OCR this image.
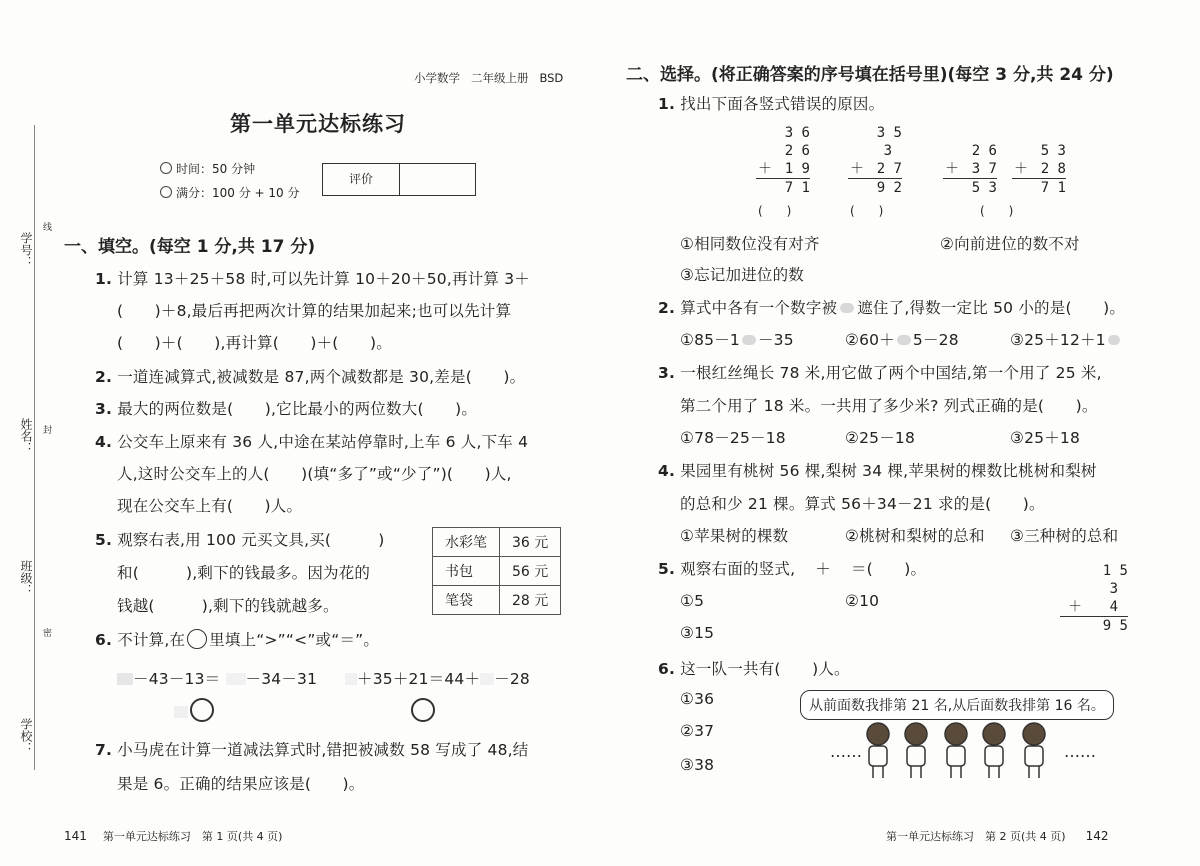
学号：
姓名：
班级：
学校：
线
封
密
小学数学 二年级上册 BSD
第一单元达标练习
时间：50 分钟
满分：100 分 + 10 分
评价
一、填空。(每空 1 分,共 17 分)
1. 计算 13＋25＋58 时,可以先计算 10＋20＋50,再计算 3＋
(　　)＋8,最后再把两次计算的结果加起来;也可以先计算
(　　)＋(　　),再计算(　　)＋(　　)。
2. 一道连减算式,被减数是 87,两个减数都是 30,差是(　　)。
3. 最大的两位数是(　　),它比最小的两位数大(　　)。
4. 公交车上原来有 36 人,中途在某站停靠时,上车 6 人,下车 4
人,这时公交车上的人(　　)(填“多了”或“少了”)(　　)人,
现在公交车上有(　　)人。
5. 观察右表,用 100 元买文具,买(　　　)
和(　　　),剩下的钱最多。因为花的
钱越(　　　),剩下的钱就越多。
水彩笔	36 元
书包	56 元
笔袋	28 元
6. 不计算,在 里填上“>”“<”或“＝”。
－43－13＝ －34－31	＋35＋21＝44＋ －28
7. 小马虎在计算一道减法算式时,错把被减数 58 写成了 48,结
果是 6。正确的结果应该是(　　)。
141 第一单元达标练习　第 1 页(共 4 页)
二、选择。(将正确答案的序号填在括号里)(每空 3 分,共 24 分)
1. 找出下面各竖式错误的原因。
3 6
2 6
＋ 1 9
7 1
3 5
3
＋ 2 7
9 2
2 6
＋ 3 7
5 3
5 3
＋ 2 8
7 1
(　　)	(　　)	(　　)
①相同数位没有对齐	②向前进位的数不对
③忘记加进位的数
2. 算式中各有一个数字被 遮住了,得数一定比 50 小的是(　　)。
①85－1 －35	②60＋ 5－28	③25＋12＋1
3. 一根红丝绳长 78 米,用它做了两个中国结,第一个用了 25 米,
第二个用了 18 米。一共用了多少米? 列式正确的是(　　)。
①78－25－18	②25－18	③25＋18
4. 果园里有桃树 56 棵,梨树 34 棵,苹果树的棵数比桃树和梨树
的总和少 21 棵。算式 56＋34－21 求的是(　　)。
①苹果树的棵数	②桃树和梨树的总和 ③三种树的总和
5. 观察右面的竖式, ＋ ＝(　　)。
①5	②10
③15
1 5
3
＋ 4
9 5
6. 这一队一共有(　　)人。
①36
②37
③38
从前面数我排第 21 名,从后面数我排第 16 名。
……	……
第一单元达标练习　第 2 页(共 4 页) 142
